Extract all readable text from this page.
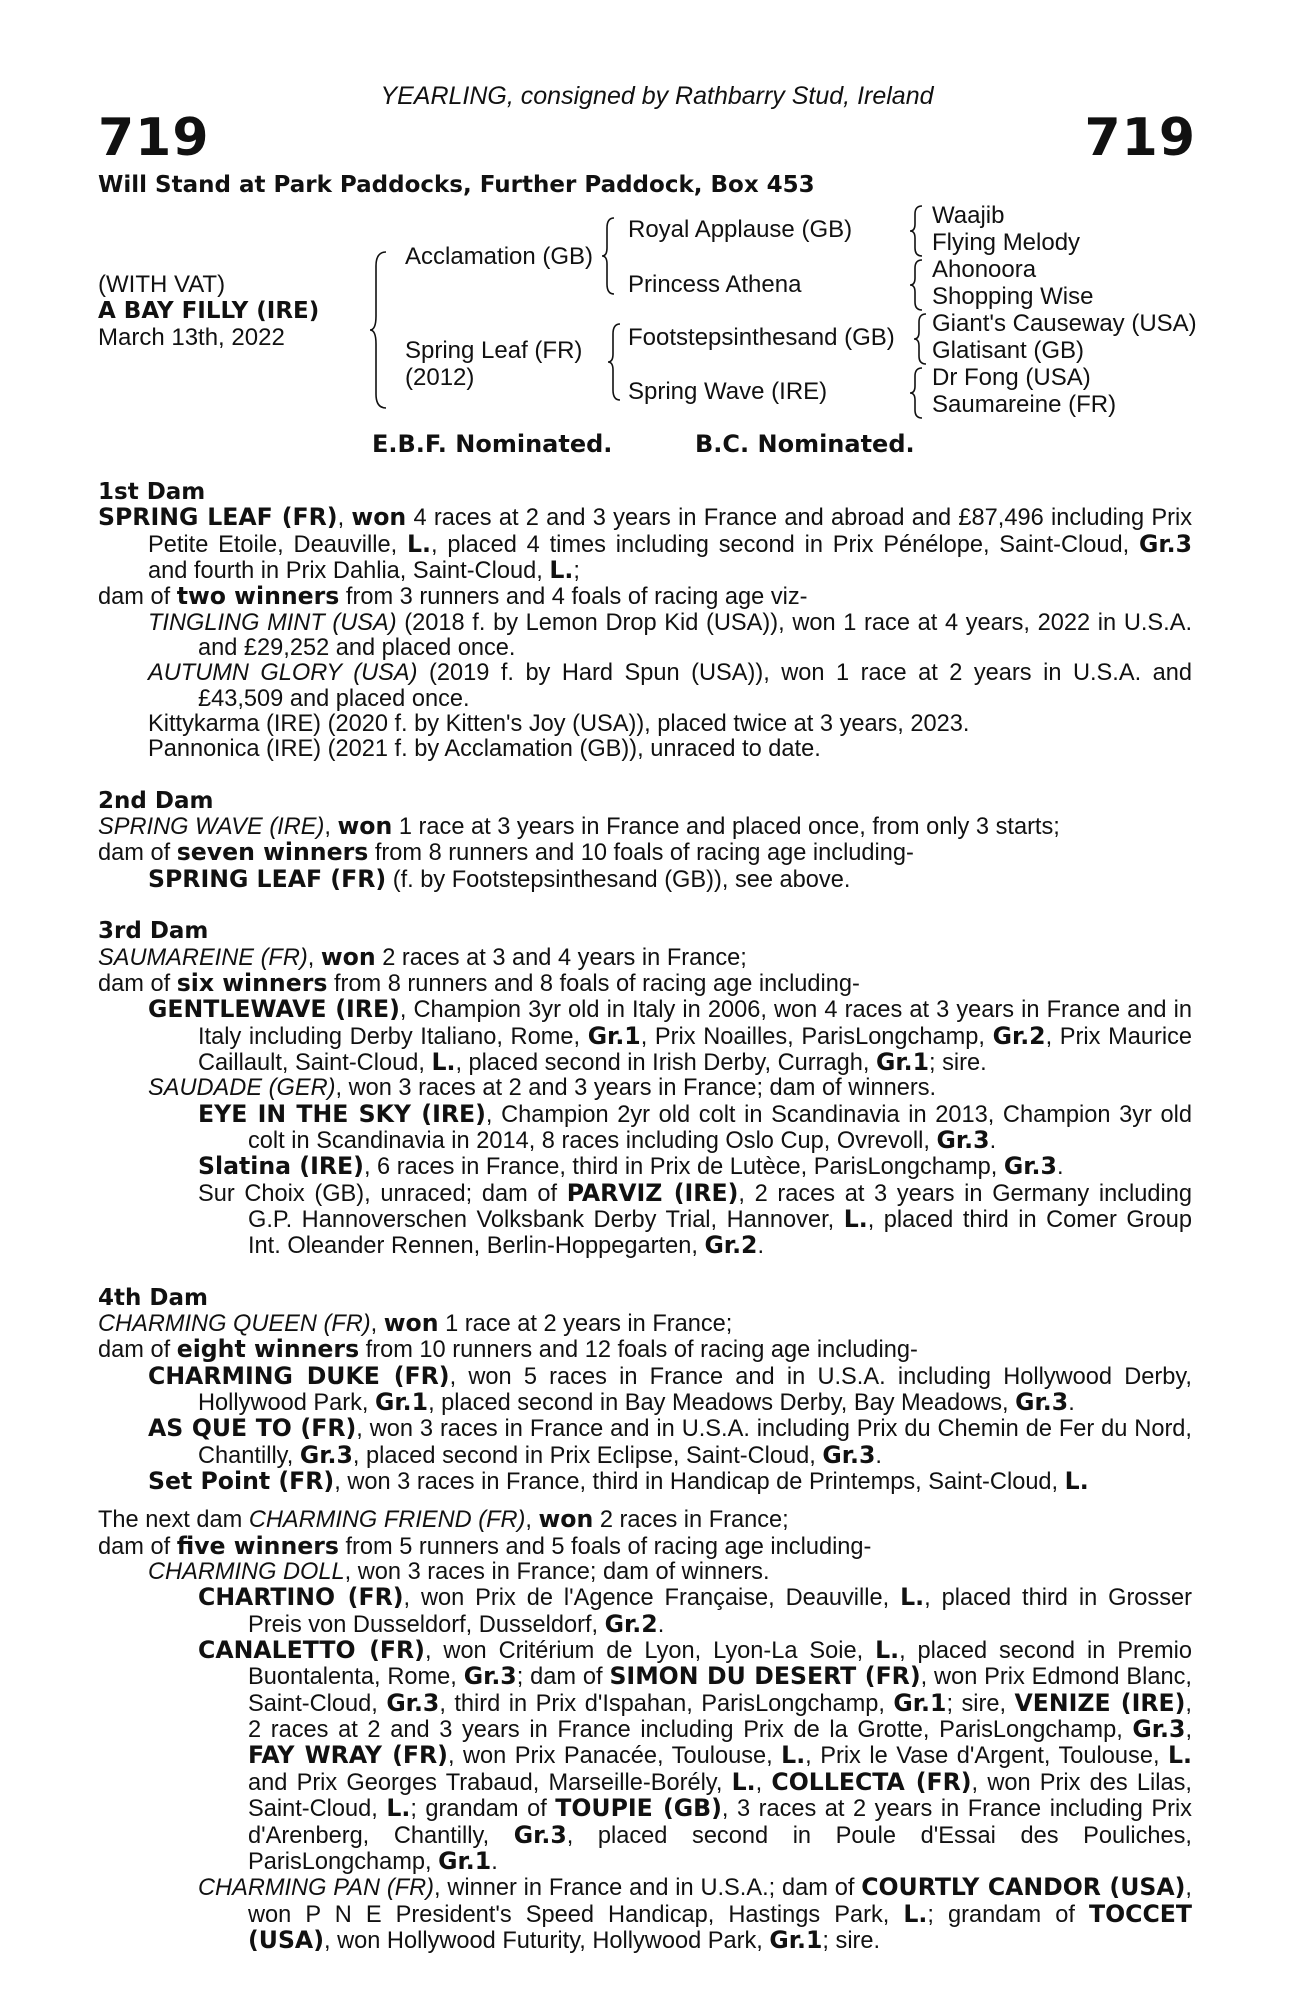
YEARLING, consigned by Rathbarry Stud, Ireland
719	719
Will Stand at Park Paddocks, Further Paddock, Box 453
(WITH VAT)
A BAY FILLY (IRE)
March 13th, 2022
Acclamation (GB)
Spring Leaf (FR)
(2012)
Royal Applause (GB)
Princess Athena
Footstepsinthesand (GB)
Spring Wave (IRE)
Waajib
Flying Melody
Ahonoora
Shopping Wise
Giant's Causeway (USA)
Glatisant (GB)
Dr Fong (USA)
Saumareine (FR)
E.B.F. Nominated.	B.C. Nominated.

1st Dam

SPRING LEAF (FR), won 4 races at 2 and 3 years in France and abroad and £87,496 including Prix Petite Etoile, Deauville, L., placed 4 times including second in Prix Pénélope, Saint-Cloud, Gr.3 and fourth in Prix Dahlia, Saint-Cloud, L.;

dam of two winners from 3 runners and 4 foals of racing age viz-

TINGLING MINT (USA) (2018 f. by Lemon Drop Kid (USA)), won 1 race at 4 years, 2022 in U.S.A. and £29,252 and placed once.

AUTUMN GLORY (USA) (2019 f. by Hard Spun (USA)), won 1 race at 2 years in U.S.A. and £43,509 and placed once.

Kittykarma (IRE) (2020 f. by Kitten's Joy (USA)), placed twice at 3 years, 2023.

Pannonica (IRE) (2021 f. by Acclamation (GB)), unraced to date.

2nd Dam

SPRING WAVE (IRE), won 1 race at 3 years in France and placed once, from only 3 starts;

dam of seven winners from 8 runners and 10 foals of racing age including-

SPRING LEAF (FR) (f. by Footstepsinthesand (GB)), see above.

3rd Dam

SAUMAREINE (FR), won 2 races at 3 and 4 years in France;

dam of six winners from 8 runners and 8 foals of racing age including-

GENTLEWAVE (IRE), Champion 3yr old in Italy in 2006, won 4 races at 3 years in France and in Italy including Derby Italiano, Rome, Gr.1, Prix Noailles, ParisLongchamp, Gr.2, Prix Maurice Caillault, Saint-Cloud, L., placed second in Irish Derby, Curragh, Gr.1; sire.

SAUDADE (GER), won 3 races at 2 and 3 years in France; dam of winners.

EYE IN THE SKY (IRE), Champion 2yr old colt in Scandinavia in 2013, Champion 3yr old colt in Scandinavia in 2014, 8 races including Oslo Cup, Ovrevoll, Gr.3.

Slatina (IRE), 6 races in France, third in Prix de Lutèce, ParisLongchamp, Gr.3.

Sur Choix (GB), unraced; dam of PARVIZ (IRE), 2 races at 3 years in Germany including G.P. Hannoverschen Volksbank Derby Trial, Hannover, L., placed third in Comer Group Int. Oleander Rennen, Berlin-Hoppegarten, Gr.2.

4th Dam

CHARMING QUEEN (FR), won 1 race at 2 years in France;

dam of eight winners from 10 runners and 12 foals of racing age including-

CHARMING DUKE (FR), won 5 races in France and in U.S.A. including Hollywood Derby, Hollywood Park, Gr.1, placed second in Bay Meadows Derby, Bay Meadows, Gr.3.

AS QUE TO (FR), won 3 races in France and in U.S.A. including Prix du Chemin de Fer du Nord, Chantilly, Gr.3, placed second in Prix Eclipse, Saint-Cloud, Gr.3.

Set Point (FR), won 3 races in France, third in Handicap de Printemps, Saint-Cloud, L.

The next dam CHARMING FRIEND (FR), won 2 races in France;

dam of five winners from 5 runners and 5 foals of racing age including-

CHARMING DOLL, won 3 races in France; dam of winners.

CHARTINO (FR), won Prix de l'Agence Française, Deauville, L., placed third in Grosser Preis von Dusseldorf, Dusseldorf, Gr.2.

CANALETTO (FR), won Critérium de Lyon, Lyon-La Soie, L., placed second in Premio Buontalenta, Rome, Gr.3; dam of SIMON DU DESERT (FR), won Prix Edmond Blanc, Saint-Cloud, Gr.3, third in Prix d'Ispahan, ParisLongchamp, Gr.1; sire, VENIZE (IRE), 2 races at 2 and 3 years in France including Prix de la Grotte, ParisLongchamp, Gr.3, FAY WRAY (FR), won Prix Panacée, Toulouse, L., Prix le Vase d'Argent, Toulouse, L. and Prix Georges Trabaud, Marseille-Borély, L., COLLECTA (FR), won Prix des Lilas, Saint-Cloud, L.; grandam of TOUPIE (GB), 3 races at 2 years in France including Prix d'Arenberg, Chantilly, Gr.3, placed second in Poule d'Essai des Pouliches, ParisLongchamp, Gr.1.

CHARMING PAN (FR), winner in France and in U.S.A.; dam of COURTLY CANDOR (USA), won P N E President's Speed Handicap, Hastings Park, L.; grandam of TOCCET (USA), won Hollywood Futurity, Hollywood Park, Gr.1; sire.
